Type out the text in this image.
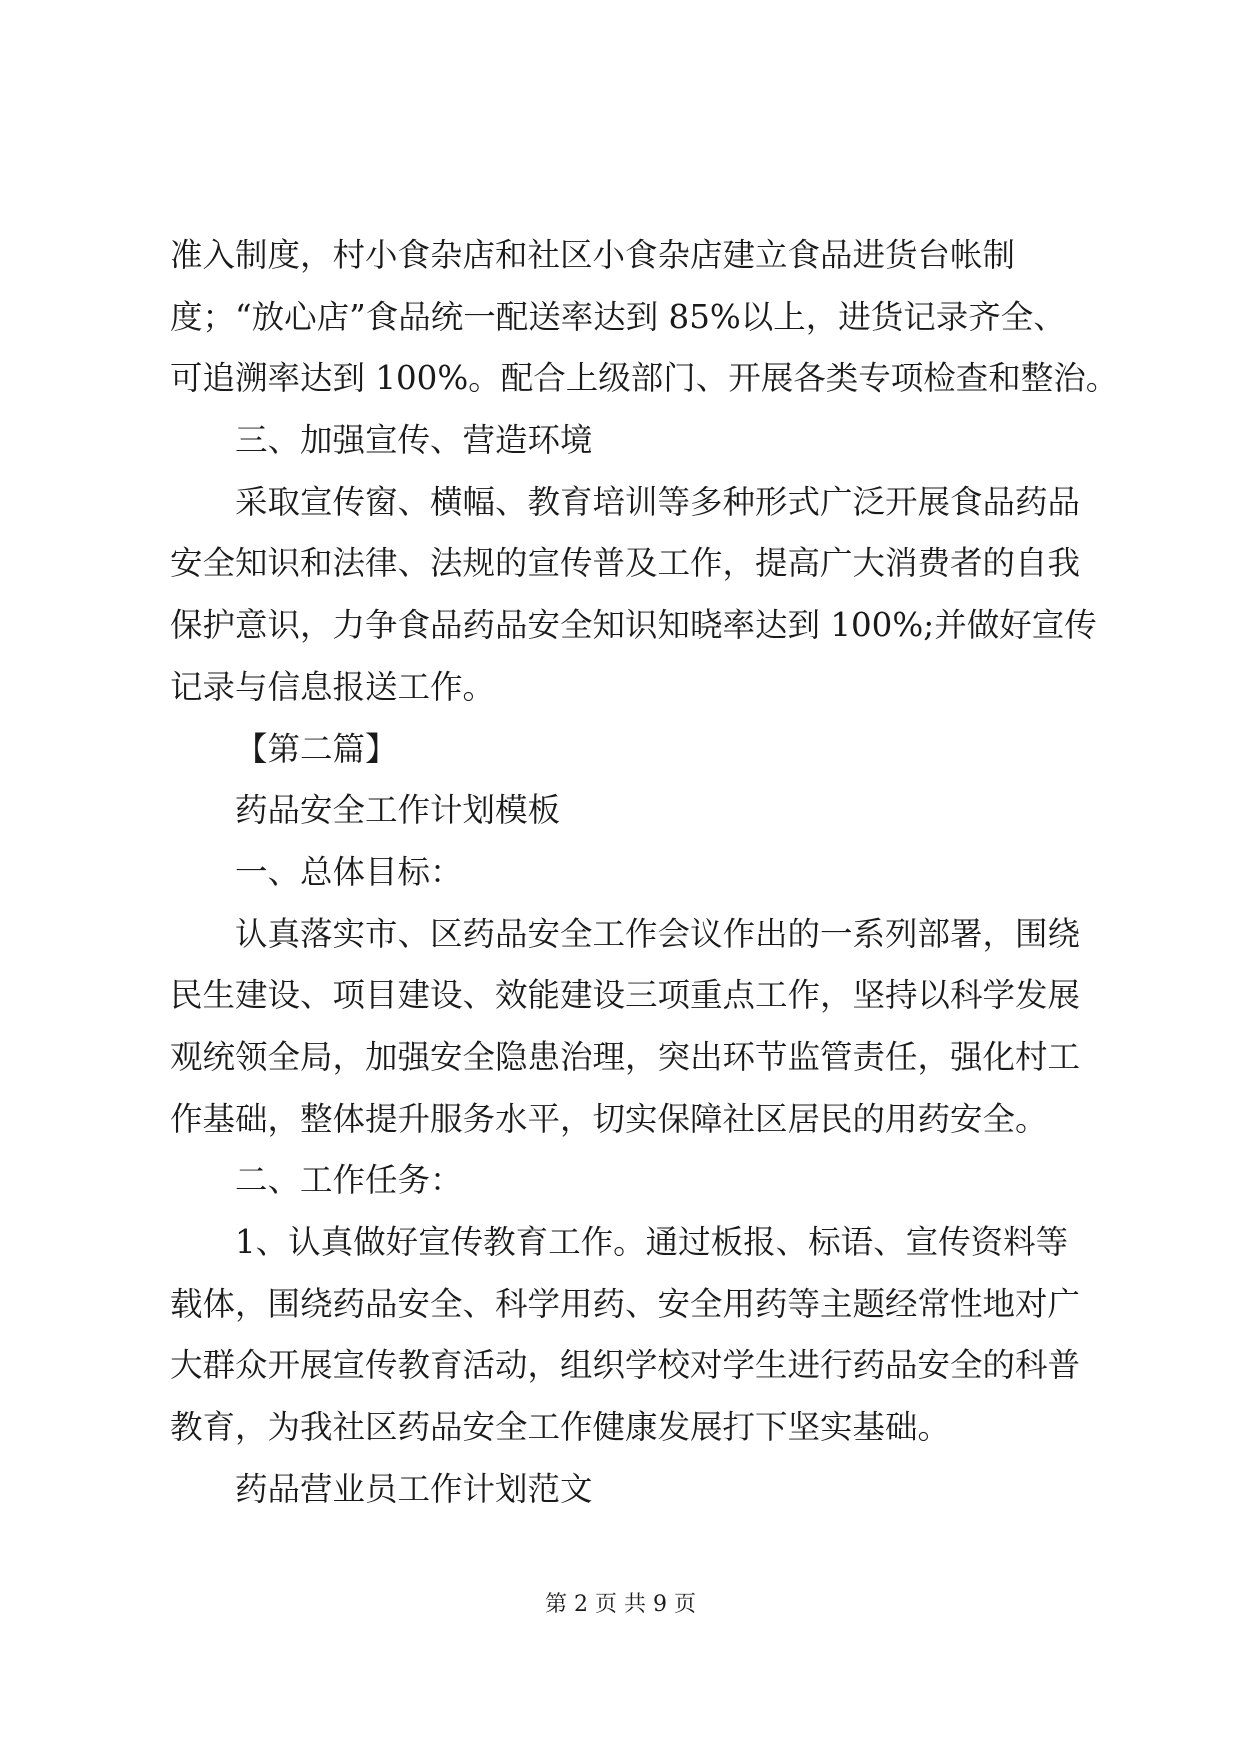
准入制度，村小食杂店和社区小食杂店建立食品进货台帐制
度；“放心店”食品统一配送率达到 85%以上，进货记录齐全、
可追溯率达到 100%。配合上级部门、开展各类专项检查和整治。
三、加强宣传、营造环境
采取宣传窗、横幅、教育培训等多种形式广泛开展食品药品
安全知识和法律、法规的宣传普及工作，提高广大消费者的自我
保护意识，力争食品药品安全知识知晓率达到 100%;并做好宣传
记录与信息报送工作。
【第二篇】
药品安全工作计划模板
一、总体目标：
认真落实市、区药品安全工作会议作出的一系列部署，围绕
民生建设、项目建设、效能建设三项重点工作，坚持以科学发展
观统领全局，加强安全隐患治理，突出环节监管责任，强化村工
作基础，整体提升服务水平，切实保障社区居民的用药安全。
二、工作任务：
1、认真做好宣传教育工作。通过板报、标语、宣传资料等
载体，围绕药品安全、科学用药、安全用药等主题经常性地对广
大群众开展宣传教育活动，组织学校对学生进行药品安全的科普
教育，为我社区药品安全工作健康发展打下坚实基础。
药品营业员工作计划范文
第 2 页 共 9 页
